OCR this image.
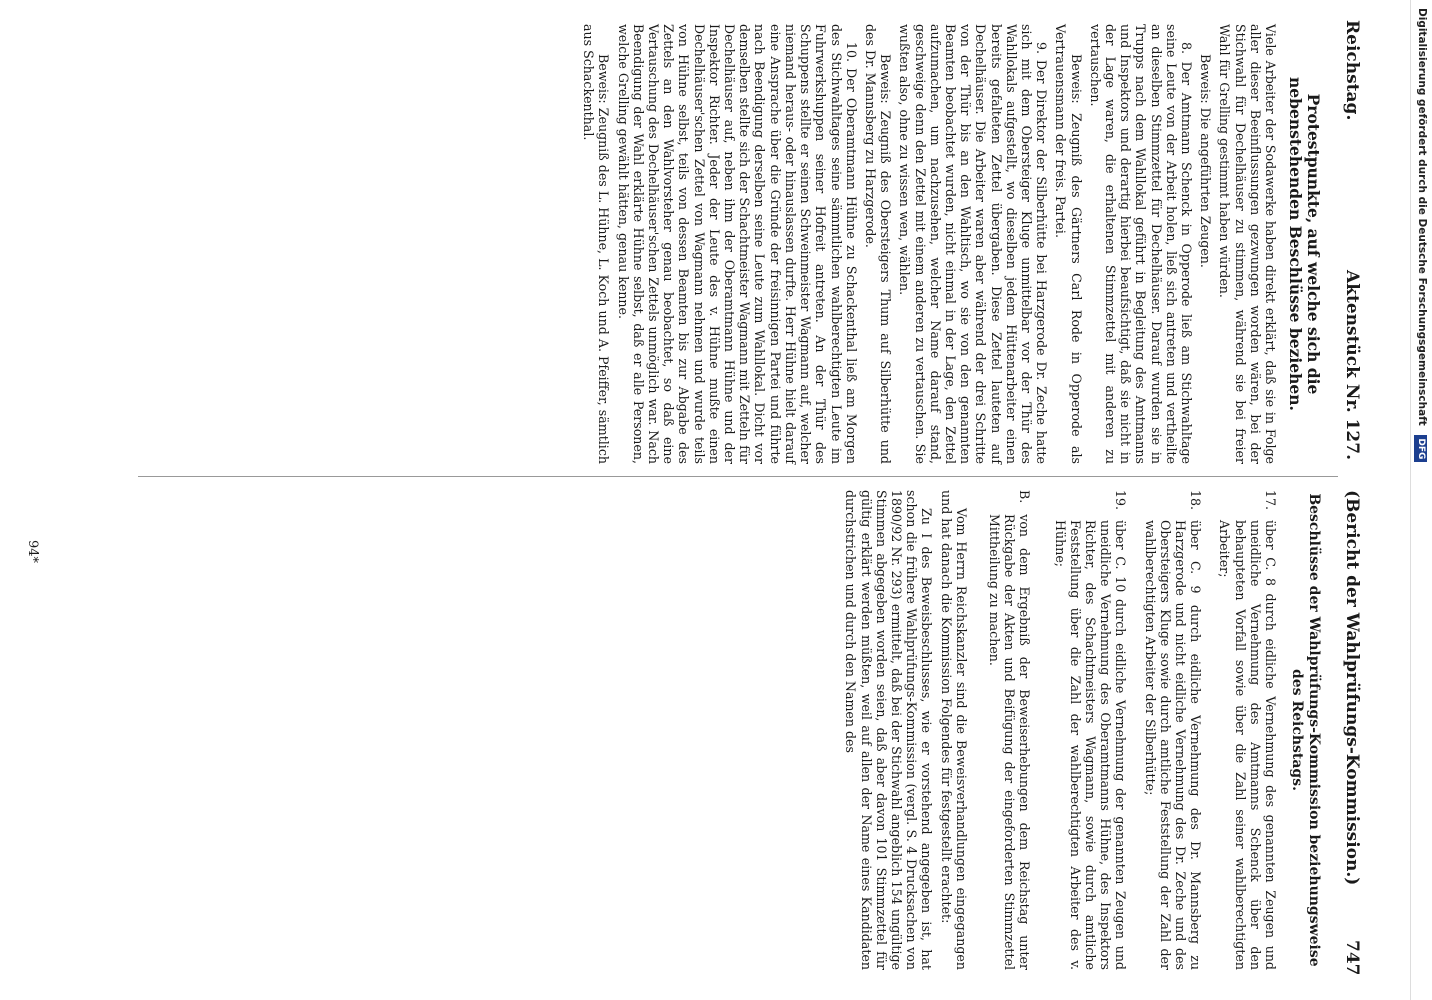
Reichstag.
Aktenstück Nr. 127.
(Bericht der Wahlprüfungs-Kommission.)
747
Protestpunkte, auf welche sich die nebenstehenden Beschlüsse beziehen.

Viele Arbeiter der Sodawerke haben direkt erklärt, daß sie in Folge aller dieser Beeinflussungen gezwungen worden wären, bei der Stichwahl für Dechelhäuser zu stimmen, während sie bei freier Wahl für Grelling gestimmt haben würden.

Beweis: Die angeführten Zeugen.

8. Der Amtmann Schenck in Opperode ließ am Stichwahltage seine Leute von der Arbeit holen, ließ sich antreten und vertheilte an dieselben Stimmzettel für Dechelhäuser. Darauf wurden sie in Trupps nach dem Wahllokal geführt in Begleitung des Amtmanns und Inspektors und derartig hierbei beaufsichtigt, daß sie nicht in der Lage waren, die erhaltenen Stimmzettel mit anderen zu vertauschen.

Beweis: Zeugniß des Gärtners Carl Rode in Opperode als Vertrauensmann der freis. Partei.

9. Der Direktor der Silberhütte bei Harzgerode Dr. Zeche hatte sich mit dem Obersteiger Kluge unmittelbar vor der Thür des Wahllokals aufgestellt, wo dieselben jedem Hüttenarbeiter einen bereits gefalteten Zettel übergaben. Diese Zettel lauteten auf Dechelhäuser. Die Arbeiter waren aber während der drei Schritte von der Thür bis an den Wahltisch, wo sie von den genannten Beamten beobachtet wurden, nicht einmal in der Lage, den Zettel aufzumachen, um nachzusehen, welcher Name darauf stand, geschweige denn den Zettel mit einem anderen zu vertauschen. Sie wußten also, ohne zu wissen wen, wählen.

Beweis: Zeugniß des Obersteigers Thum auf Silberhütte und des Dr. Mannsberg zu Harzgerode.

10. Der Oberamtmann Hühne zu Schackenthal ließ am Morgen des Stichwahltages seine sämmtlichen wahlberechtigten Leute im Fuhrwerkshuppen seiner Hofreit antreten. An der Thür des Schuppens stellte er seinen Schweinmeister Wagmann auf, welcher niemand heraus- oder hinauslassen durfte. Herr Hühne hielt darauf eine Ansprache über die Gründe der freisinnigen Partei und führte nach Beendigung derselben seine Leute zum Wahllokal. Dicht vor demselben stellte sich der Schachtmeister Wagmann mit Zetteln für Dechelhäuser auf, neben ihm der Oberamtmann Hühne und der Inspektor Richter. Jeder der Leute des v. Hühne mußte einen Dechelhäuser'schen Zettel von Wagmann nehmen und wurde teils von Hühne selbst, teils von dessen Beamten bis zur Abgabe des Zettels an den Wahlvorsteher genau beobachtet, so daß eine Vertauschung des Dechelhäuser'schen Zettels unmöglich war. Nach Beendigung der Wahl erklärte Hühne selbst, daß er alle Personen, welche Grelling gewählt hätten, genau kenne.

Beweis: Zeugniß des L. Hühne, L. Koch und A. Pfeiffer, sämtlich aus Schackenthal.

Beschlüsse der Wahlprüfungs-Kommission beziehungsweise des Reichstags.
17.
über C. 8 durch eidliche Vernehmung des genannten Zeugen und uneidliche Vernehmung des Amtmanns Schenck über den behaupteten Vorfall sowie über die Zahl seiner wahlberechtigten Arbeiter;
18.
über C. 9 durch eidliche Vernehmung des Dr. Mannsberg zu Harzgerode und nicht eidliche Vernehmung des Dr. Zeche und des Obersteigers Kluge sowie durch amtliche Feststellung der Zahl der wahlberechtigten Arbeiter der Silberhütte;
19.
über C. 10 durch eidliche Vernehmung der genannten Zeugen und uneidliche Vernehmung des Oberamtmanns Hühne, des Inspektors Richter, des Schachtmeisters Wagmann, sowie durch amtliche Feststellung über die Zahl der wahlberechtigten Arbeiter des v. Hühne;

B. von dem Ergebniß der Beweiserhebungen dem Reichstag unter Rückgabe der Akten und Beifügung der eingeforderten Stimmzettel Mittheilung zu machen.

Vom Herrn Reichskanzler sind die Beweisverhandlungen eingegangen und hat danach die Kommission Folgendes für festgestellt erachtet:

Zu I des Beweisbeschlusses, wie er vorstehend angegeben ist, hat schon die frühere Wahlprüfungs-Kommission (vergl. S. 4 Drucksachen von 1890/92 Nr. 293) ermittelt, daß bei der Stichwahl angeblich 154 ungültige Stimmen abgegeben worden seien, daß aber davon 101 Stimmzettel für gültig erklärt werden müßten, weil auf allen der Name eines Kandidaten durchstrichen und durch den Namen des

94*
Digitalisierung gefördert durch die Deutsche Forschungsgemeinschaft DFG
